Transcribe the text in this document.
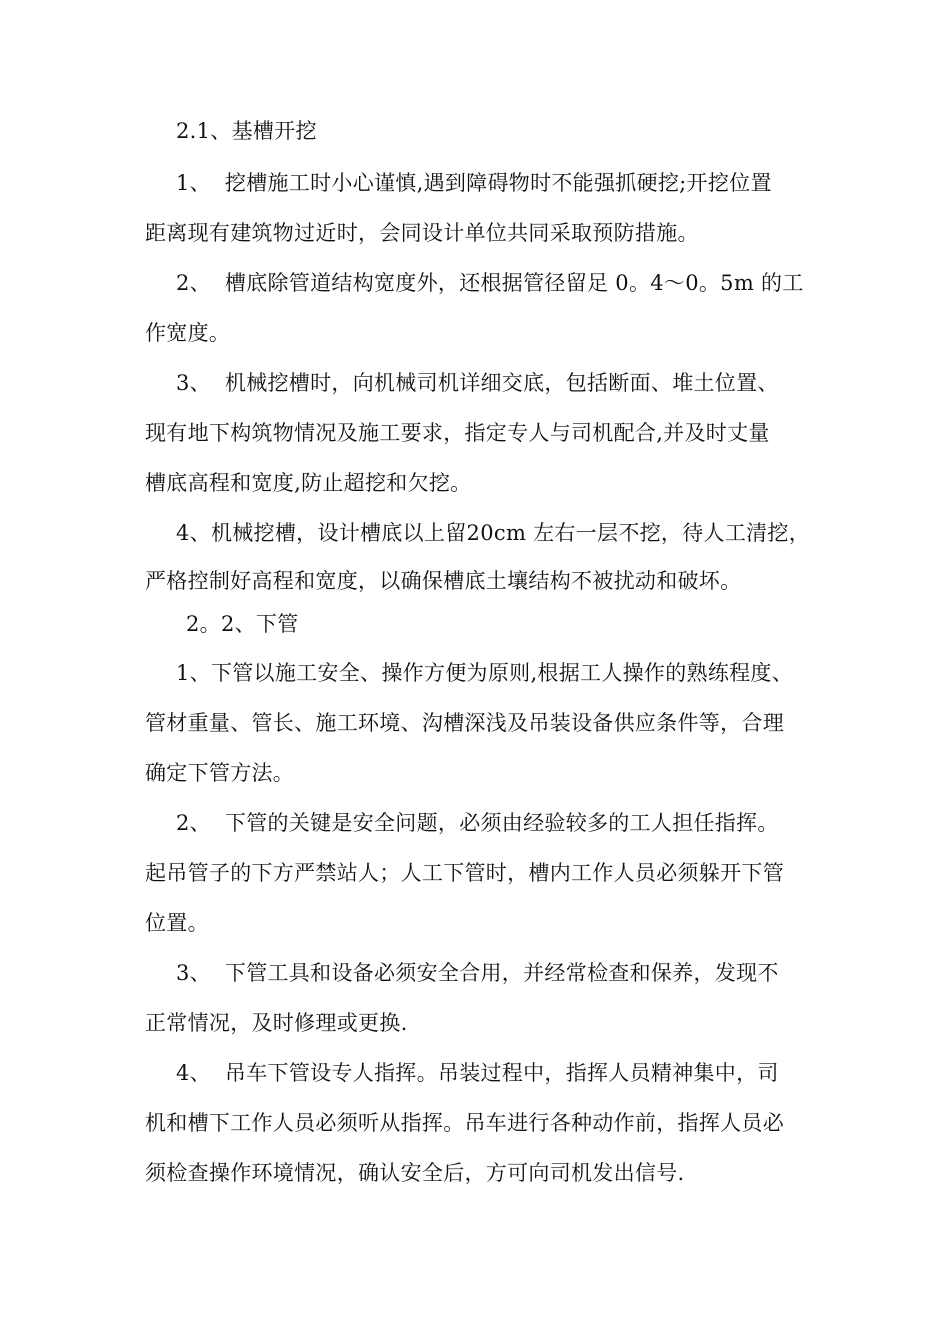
2.1、基槽开挖
1、  挖槽施工时小心谨慎,遇到障碍物时不能强抓硬挖;开挖位置
距离现有建筑物过近时，会同设计单位共同采取预防措施。
2、  槽底除管道结构宽度外，还根据管径留足 0。4～0。5m 的工
作宽度。
3、  机械挖槽时，向机械司机详细交底，包括断面、堆土位置、
现有地下构筑物情况及施工要求，指定专人与司机配合,并及时丈量
槽底高程和宽度,防止超挖和欠挖。
4、机械挖槽，设计槽底以上留20cm 左右一层不挖，待人工清挖，
严格控制好高程和宽度，以确保槽底土壤结构不被扰动和破坏。
2。2、下管
1、下管以施工安全、操作方便为原则,根据工人操作的熟练程度、
管材重量、管长、施工环境、沟槽深浅及吊装设备供应条件等，合理
确定下管方法。
2、  下管的关键是安全问题，必须由经验较多的工人担任指挥。
起吊管子的下方严禁站人；人工下管时，槽内工作人员必须躲开下管
位置。
3、  下管工具和设备必须安全合用，并经常检查和保养，发现不
正常情况，及时修理或更换.
4、  吊车下管设专人指挥。吊装过程中，指挥人员精神集中，司
机和槽下工作人员必须听从指挥。吊车进行各种动作前，指挥人员必
须检查操作环境情况，确认安全后，方可向司机发出信号.
